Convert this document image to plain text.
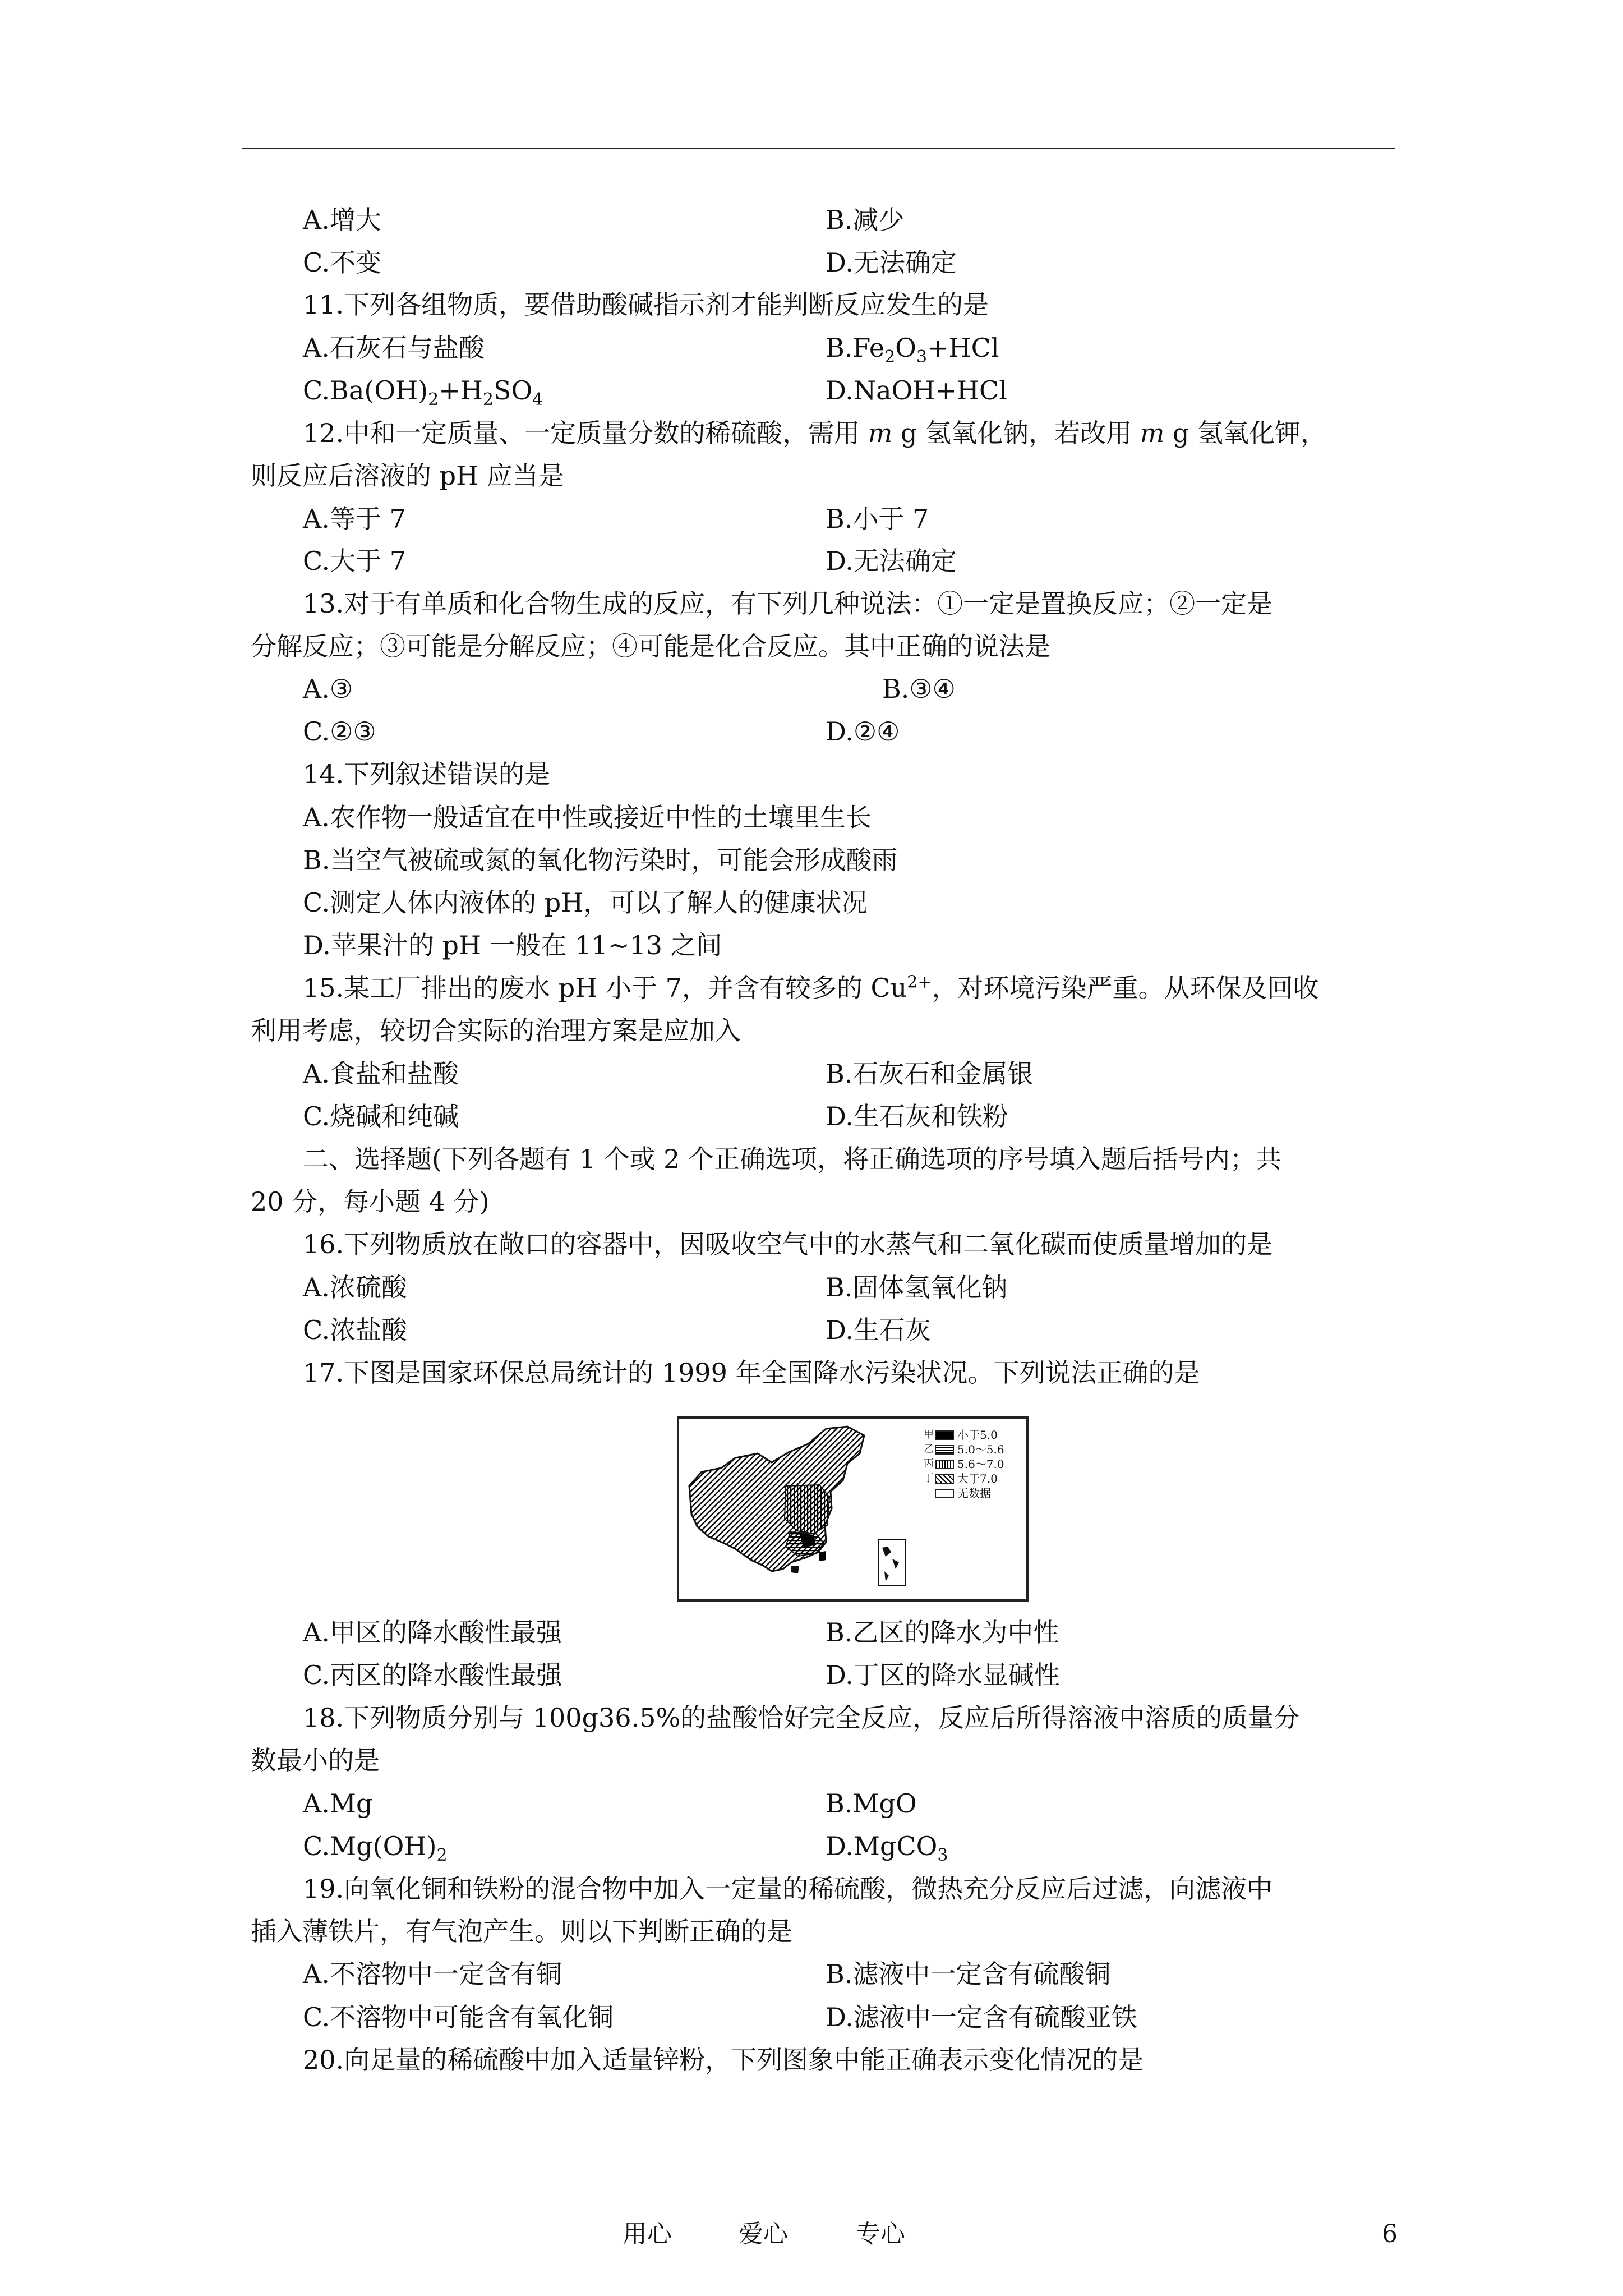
A.增大	B.减少
C.不变	D.无法确定
11.下列各组物质，要借助酸碱指示剂才能判断反应发生的是
A.石灰石与盐酸	$B.Fe_2O_3+HCl$
$C.Ba(OH)_2+H_2SO_4$	D.NaOH+HCl
12.中和一定质量、一定质量分数的稀硫酸，需用 m g 氢氧化钠，若改用 m g 氢氧化钾，
则反应后溶液的 pH 应当是
A.等于 7	B.小于 7
C.大于 7	D.无法确定
13.对于有单质和化合物生成的反应，有下列几种说法：①一定是置换反应；②一定是
分解反应；③可能是分解反应；④可能是化合反应。其中正确的说法是
A.③	B.③④
C.②③	D.②④
14.下列叙述错误的是
A.农作物一般适宜在中性或接近中性的土壤里生长
B.当空气被硫或氮的氧化物污染时，可能会形成酸雨
C.测定人体内液体的 pH，可以了解人的健康状况
D.苹果汁的 pH 一般在 11~13 之间
15.某工厂排出的废水 pH 小于 7，并含有较多的 $Cu^{2+}$，对环境污染严重。从环保及回收
利用考虑，较切合实际的治理方案是应加入
A.食盐和盐酸	B.石灰石和金属银
C.烧碱和纯碱	D.生石灰和铁粉
二、选择题(下列各题有 1 个或 2 个正确选项，将正确选项的序号填入题后括号内；共
20 分，每小题 4 分)
16.下列物质放在敞口的容器中，因吸收空气中的水蒸气和二氧化碳而使质量增加的是
A.浓硫酸	B.固体氢氧化钠
C.浓盐酸	D.生石灰
17.下图是国家环保总局统计的 1999 年全国降水污染状况。下列说法正确的是
A.甲区的降水酸性最强	B.乙区的降水为中性
C.丙区的降水酸性最强	D.丁区的降水显碱性
18.下列物质分别与 100g36.5%的盐酸恰好完全反应，反应后所得溶液中溶质的质量分
数最小的是
A.Mg	B.MgO
$C.Mg(OH)_2$	D.MgCO$_3$
19.向氧化铜和铁粉的混合物中加入一定量的稀硫酸，微热充分反应后过滤，向滤液中
插入薄铁片，有气泡产生。则以下判断正确的是
A.不溶物中一定含有铜	B.滤液中一定含有硫酸铜
C.不溶物中可能含有氧化铜	D.滤液中一定含有硫酸亚铁
20.向足量的稀硫酸中加入适量锌粉，下列图象中能正确表示变化情况的是
甲 小于5.0
乙 5.0～5.6
丙 5.6～7.0
丁 大于7.0
无数据
用心	爱心	专心	6
